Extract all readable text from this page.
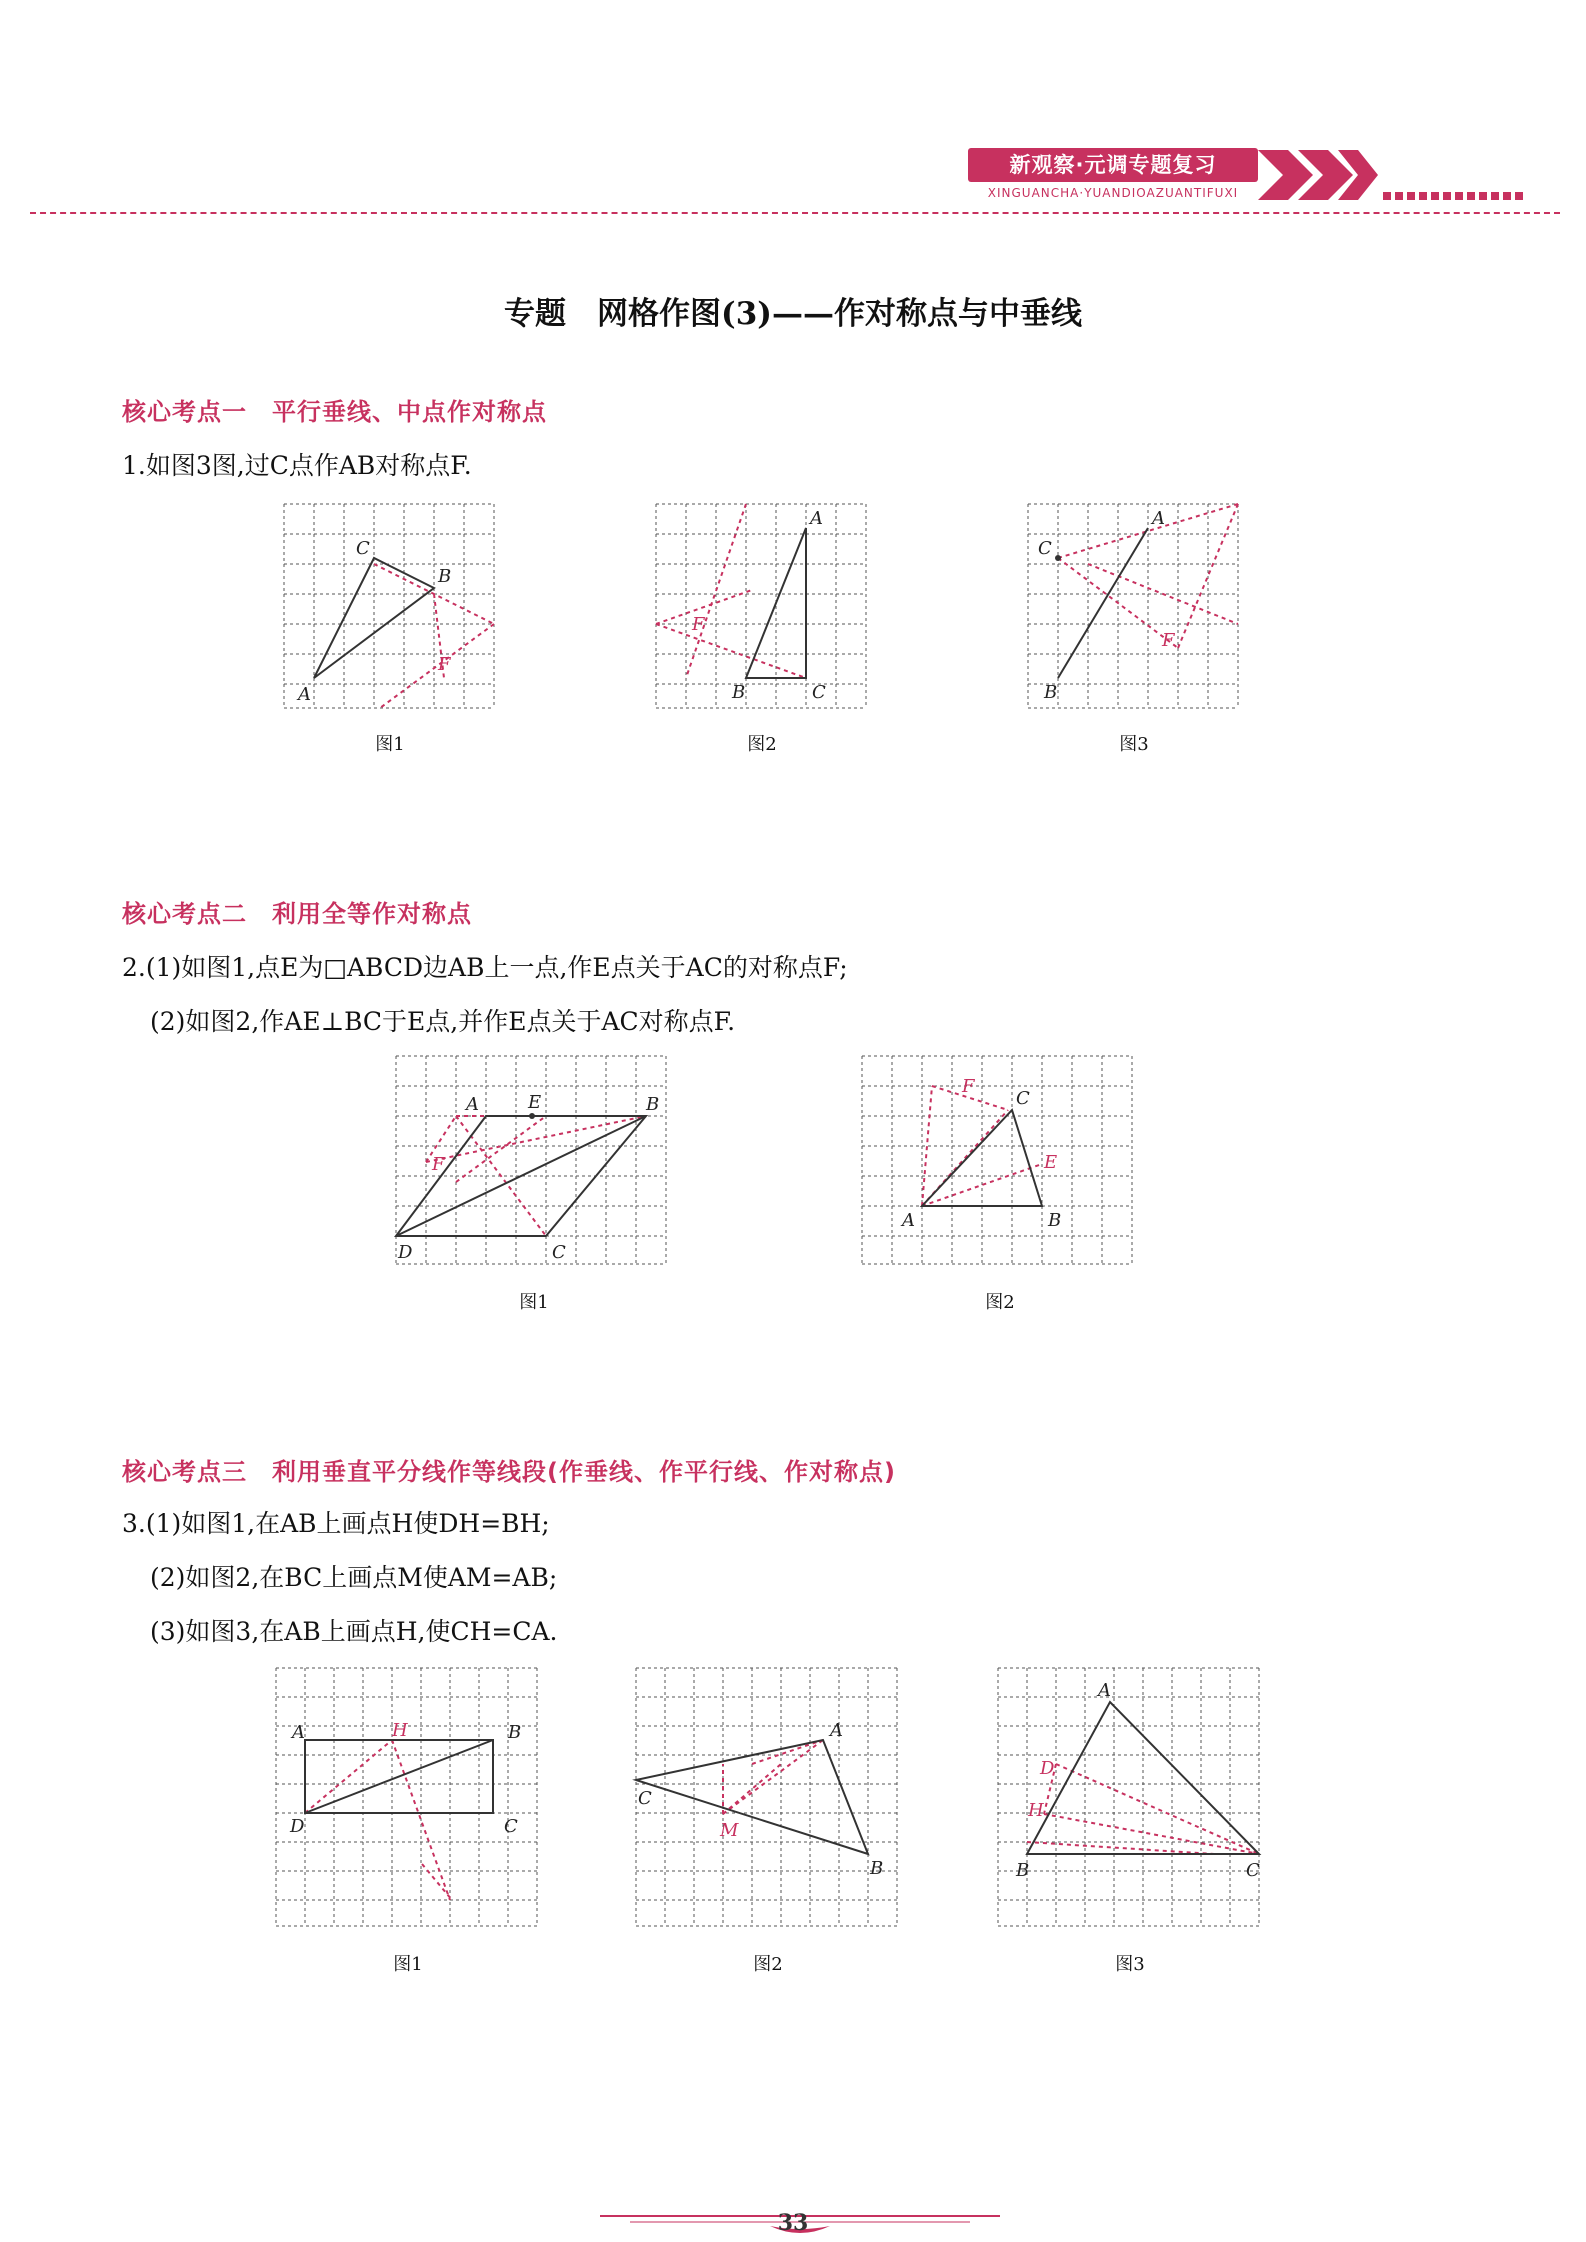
新观察·元调专题复习
XINGUANCHA·YUANDIOAZUANTIFUXI
专题　网格作图(3)——作对称点与中垂线
核心考点一　平行垂线、中点作对称点
1.如图3图,过C点作AB对称点F.
A
B
C
F
图1
A
B	C
F
图2
A
B
C
F
图3
核心考点二　利用全等作对称点
2.(1)如图1,点E为□ABCD边AB上一点,作E点关于AC的对称点F;
(2)如图2,作AE⊥BC于E点,并作E点关于AC对称点F.
A	B
C
D
E
F
图1
A	B
C
E
F
图2
核心考点三　利用垂直平分线作等线段(作垂线、作平行线、作对称点)
3.(1)如图1,在AB上画点H使DH=BH;
(2)如图2,在BC上画点M使AM=AB;
(3)如图3,在AB上画点H,使CH=CA.
A	B
C
D
H
图1
A
B
C
M
图2
A
B	C
D
H
图3
33
